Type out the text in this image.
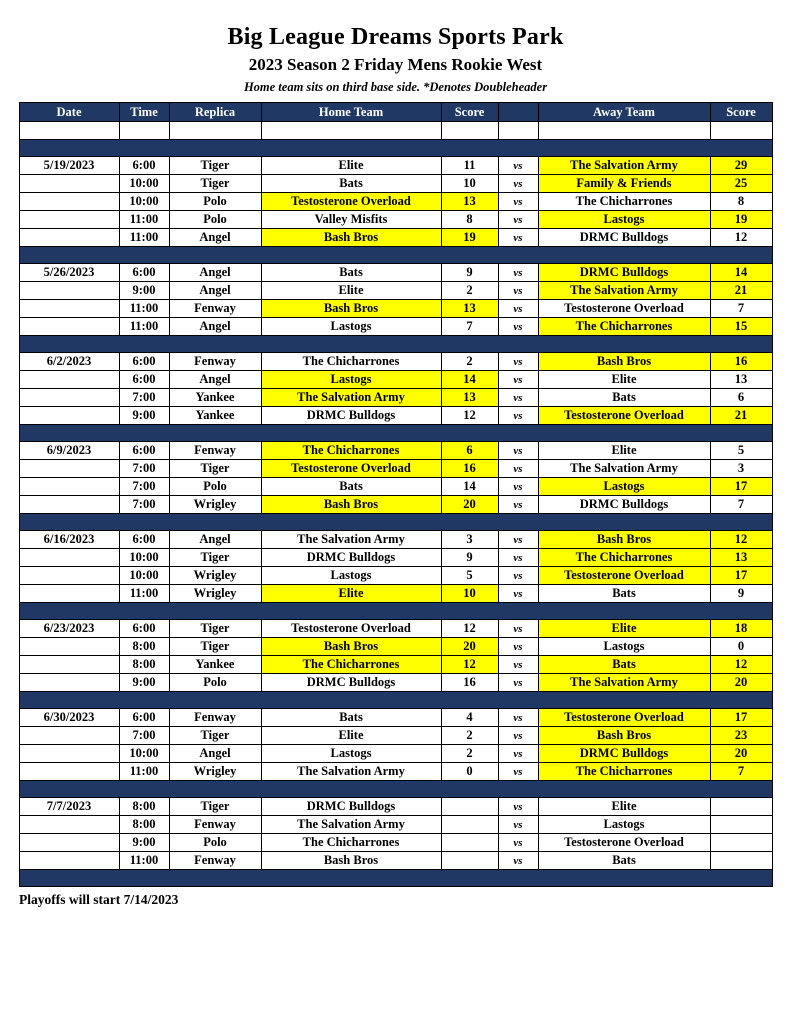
Big League Dreams Sports Park
2023 Season 2 Friday Mens Rookie West
Home team sits on third base side. *Denotes Doubleheader
Date	Time	Replica	Home Team	Score		Away Team	Score

5/19/2023	6:00	Tiger	Elite	11	vs	The Salvation Army	29
	10:00	Tiger	Bats	10	vs	Family & Friends	25
	10:00	Polo	Testosterone Overload	13	vs	The Chicharrones	8
	11:00	Polo	Valley Misfits	8	vs	Lastogs	19
	11:00	Angel	Bash Bros	19	vs	DRMC Bulldogs	12

5/26/2023	6:00	Angel	Bats	9	vs	DRMC Bulldogs	14
	9:00	Angel	Elite	2	vs	The Salvation Army	21
	11:00	Fenway	Bash Bros	13	vs	Testosterone Overload	7
	11:00	Angel	Lastogs	7	vs	The Chicharrones	15

6/2/2023	6:00	Fenway	The Chicharrones	2	vs	Bash Bros	16
	6:00	Angel	Lastogs	14	vs	Elite	13
	7:00	Yankee	The Salvation Army	13	vs	Bats	6
	9:00	Yankee	DRMC Bulldogs	12	vs	Testosterone Overload	21

6/9/2023	6:00	Fenway	The Chicharrones	6	vs	Elite	5
	7:00	Tiger	Testosterone Overload	16	vs	The Salvation Army	3
	7:00	Polo	Bats	14	vs	Lastogs	17
	7:00	Wrigley	Bash Bros	20	vs	DRMC Bulldogs	7

6/16/2023	6:00	Angel	The Salvation Army	3	vs	Bash Bros	12
	10:00	Tiger	DRMC Bulldogs	9	vs	The Chicharrones	13
	10:00	Wrigley	Lastogs	5	vs	Testosterone Overload	17
	11:00	Wrigley	Elite	10	vs	Bats	9

6/23/2023	6:00	Tiger	Testosterone Overload	12	vs	Elite	18
	8:00	Tiger	Bash Bros	20	vs	Lastogs	0
	8:00	Yankee	The Chicharrones	12	vs	Bats	12
	9:00	Polo	DRMC Bulldogs	16	vs	The Salvation Army	20

6/30/2023	6:00	Fenway	Bats	4	vs	Testosterone Overload	17
	7:00	Tiger	Elite	2	vs	Bash Bros	23
	10:00	Angel	Lastogs	2	vs	DRMC Bulldogs	20
	11:00	Wrigley	The Salvation Army	0	vs	The Chicharrones	7

7/7/2023	8:00	Tiger	DRMC Bulldogs		vs	Elite	
	8:00	Fenway	The Salvation Army		vs	Lastogs	
	9:00	Polo	The Chicharrones		vs	Testosterone Overload	
	11:00	Fenway	Bash Bros		vs	Bats	

Playoffs will start 7/14/2023
